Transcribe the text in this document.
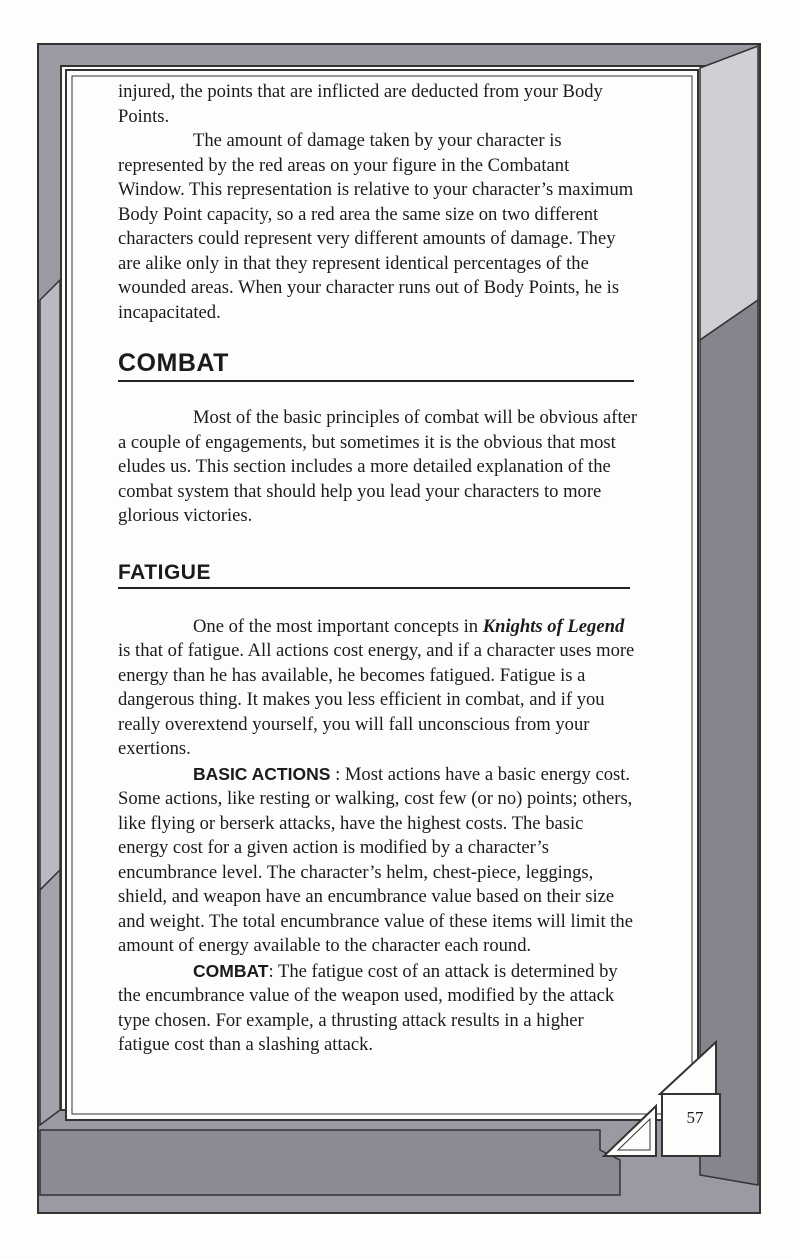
injured, the points that are inflicted are deducted from your Body Points.

The amount of damage taken by your character is represented by the red areas on your figure in the Combatant Window. This representation is relative to your character’s maximum Body Point capacity, so a red area the same size on two different characters could represent very different amounts of damage. They are alike only in that they represent identical percentages of the wounded areas. When your character runs out of Body Points, he is incapacitated.

COMBAT

Most of the basic principles of combat will be obvious after a couple of engagements, but sometimes it is the obvious that most eludes us. This section includes a more detailed explanation of the combat system that should help you lead your characters to more glorious victories.

FATIGUE

One of the most important concepts in Knights of Legend is that of fatigue. All actions cost energy, and if a character uses more energy than he has available, he becomes fatigued. Fatigue is a dangerous thing. It makes you less efficient in combat, and if you really overextend yourself, you will fall unconscious from your exertions.

BASIC ACTIONS : Most actions have a basic energy cost. Some actions, like resting or walking, cost few (or no) points; others, like flying or berserk attacks, have the highest costs. The basic energy cost for a given action is modified by a character’s encumbrance level. The character’s helm, chest-piece, leggings, shield, and weapon have an encumbrance value based on their size and weight. The total encumbrance value of these items will limit the amount of energy available to the character each round.

COMBAT: The fatigue cost of an attack is determined by the encumbrance value of the weapon used, modified by the attack type chosen. For example, a thrusting attack results in a higher fatigue cost than a slashing attack.

57
